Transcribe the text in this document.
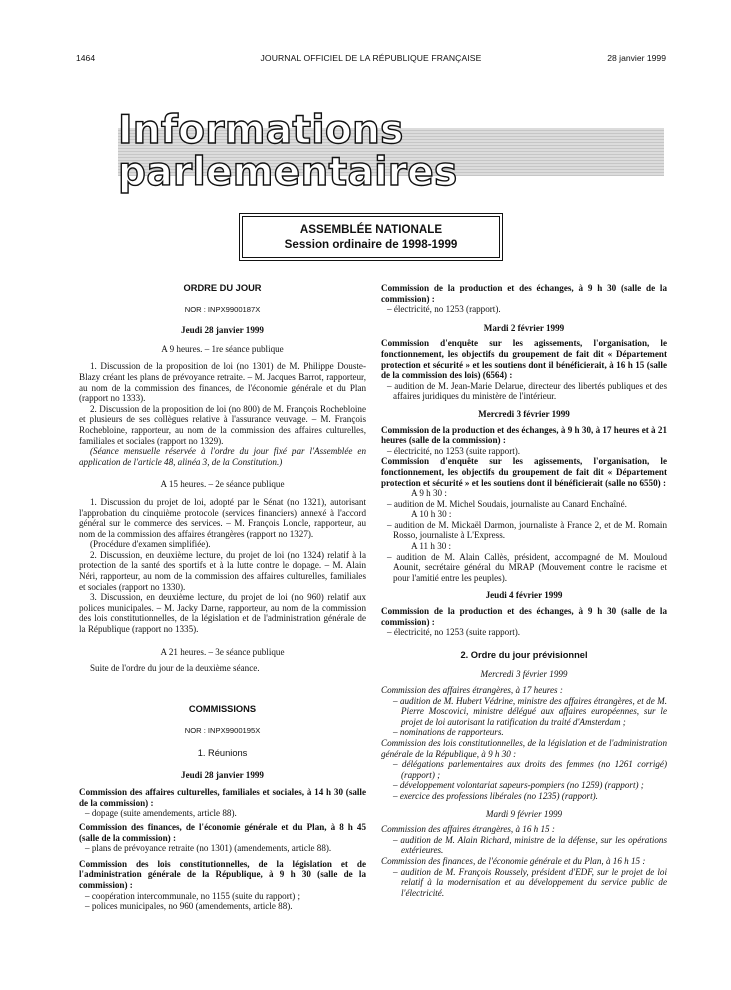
1464	JOURNAL OFFICIEL DE LA RÉPUBLIQUE FRANÇAISE	28 janvier 1999
Informations parlementaires
ASSEMBLÉE NATIONALE
Session ordinaire de 1998-1999
ORDRE DU JOUR
NOR : INPX9900187X
Jeudi 28 janvier 1999
A 9 heures. – 1re séance publique
1. Discussion de la proposition de loi (no 1301) de M. Philippe Douste-Blazy créant les plans de prévoyance retraite. – M. Jacques Barrot, rapporteur, au nom de la commission des finances, de l'économie générale et du Plan (rapport no 1333).
2. Discussion de la proposition de loi (no 800) de M. François Rochebloine et plusieurs de ses collègues relative à l'assurance veuvage. – M. François Rochebloine, rapporteur, au nom de la commission des affaires culturelles, familiales et sociales (rapport no 1329).
(Séance mensuelle réservée à l'ordre du jour fixé par l'Assemblée en application de l'article 48, alinéa 3, de la Constitution.)
A 15 heures. – 2e séance publique
1. Discussion du projet de loi, adopté par le Sénat (no 1321), autorisant l'approbation du cinquième protocole (services financiers) annexé à l'accord général sur le commerce des services. – M. François Loncle, rapporteur, au nom de la commission des affaires étrangères (rapport no 1327).
(Procédure d'examen simplifiée).
2. Discussion, en deuxième lecture, du projet de loi (no 1324) relatif à la protection de la santé des sportifs et à la lutte contre le dopage. – M. Alain Néri, rapporteur, au nom de la commission des affaires culturelles, familiales et sociales (rapport no 1330).
3. Discussion, en deuxième lecture, du projet de loi (no 960) relatif aux polices municipales. – M. Jacky Darne, rapporteur, au nom de la commission des lois constitutionnelles, de la législation et de l'administration générale de la République (rapport no 1335).
A 21 heures. – 3e séance publique
Suite de l'ordre du jour de la deuxième séance.
COMMISSIONS
NOR : INPX9900195X
1. Réunions
Jeudi 28 janvier 1999
Commission des affaires culturelles, familiales et sociales, à 14 h 30 (salle de la commission) :
– dopage (suite amendements, article 88).
Commission des finances, de l'économie générale et du Plan, à 8 h 45 (salle de la commission) :
– plans de prévoyance retraite (no 1301) (amendements, article 88).
Commission des lois constitutionnelles, de la législation et de l'administration générale de la République, à 9 h 30 (salle de la commission) :
– coopération intercommunale, no 1155 (suite du rapport) ;
– polices municipales, no 960 (amendements, article 88).
Commission de la production et des échanges, à 9 h 30 (salle de la commission) :
– électricité, no 1253 (rapport).
Mardi 2 février 1999
Commission d'enquête sur les agissements, l'organisation, le fonctionnement, les objectifs du groupement de fait dit « Département protection et sécurité » et les soutiens dont il bénéficierait, à 16 h 15 (salle de la commission des lois) (6564) :
– audition de M. Jean-Marie Delarue, directeur des libertés publiques et des affaires juridiques du ministère de l'intérieur.
Mercredi 3 février 1999
Commission de la production et des échanges, à 9 h 30, à 17 heures et à 21 heures (salle de la commission) :
– électricité, no 1253 (suite rapport).
Commission d'enquête sur les agissements, l'organisation, le fonctionnement, les objectifs du groupement de fait dit « Département protection et sécurité » et les soutiens dont il bénéficierait (salle no 6550) :
A 9 h 30 :
– audition de M. Michel Soudais, journaliste au Canard Enchaîné.
A 10 h 30 :
– audition de M. Mickaël Darmon, journaliste à France 2, et de M. Romain Rosso, journaliste à L'Express.
A 11 h 30 :
– audition de M. Alain Callès, président, accompagné de M. Mouloud Aounit, secrétaire général du MRAP (Mouvement contre le racisme et pour l'amitié entre les peuples).
Jeudi 4 février 1999
Commission de la production et des échanges, à 9 h 30 (salle de la commission) :
– électricité, no 1253 (suite rapport).
2. Ordre du jour prévisionnel
Mercredi 3 février 1999
Commission des affaires étrangères, à 17 heures :
– audition de M. Hubert Védrine, ministre des affaires étrangères, et de M. Pierre Moscovici, ministre délégué aux affaires européennes, sur le projet de loi autorisant la ratification du traité d'Amsterdam ;
– nominations de rapporteurs.
Commission des lois constitutionnelles, de la législation et de l'administration générale de la République, à 9 h 30 :
– délégations parlementaires aux droits des femmes (no 1261 corrigé) (rapport) ;
– développement volontariat sapeurs-pompiers (no 1259) (rapport) ;
– exercice des professions libérales (no 1235) (rapport).
Mardi 9 février 1999
Commission des affaires étrangères, à 16 h 15 :
– audition de M. Alain Richard, ministre de la défense, sur les opérations extérieures.
Commission des finances, de l'économie générale et du Plan, à 16 h 15 :
– audition de M. François Roussely, président d'EDF, sur le projet de loi relatif à la modernisation et au développement du service public de l'électricité.
